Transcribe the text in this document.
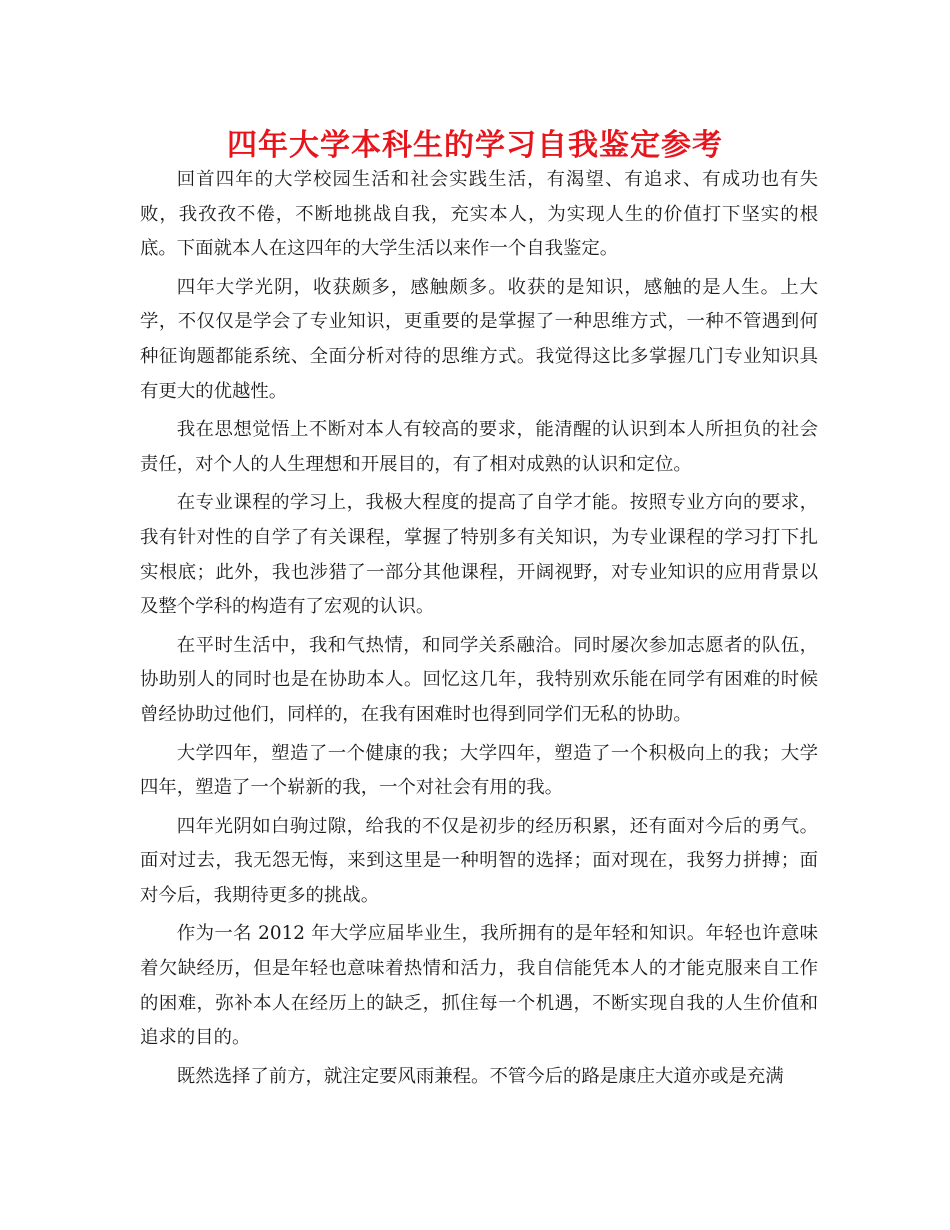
四年大学本科生的学习自我鉴定参考

回首四年的大学校园生活和社会实践生活，有渴望、有追求、有成功也有失败，我孜孜不倦，不断地挑战自我，充实本人，为实现人生的价值打下坚实的根底。下面就本人在这四年的大学生活以来作一个自我鉴定。

四年大学光阴，收获颇多，感触颇多。收获的是知识，感触的是人生。上大学，不仅仅是学会了专业知识，更重要的是掌握了一种思维方式，一种不管遇到何种征询题都能系统、全面分析对待的思维方式。我觉得这比多掌握几门专业知识具有更大的优越性。

我在思想觉悟上不断对本人有较高的要求，能清醒的认识到本人所担负的社会责任，对个人的人生理想和开展目的，有了相对成熟的认识和定位。

在专业课程的学习上，我极大程度的提高了自学才能。按照专业方向的要求，我有针对性的自学了有关课程，掌握了特别多有关知识，为专业课程的学习打下扎实根底；此外，我也涉猎了一部分其他课程，开阔视野，对专业知识的应用背景以及整个学科的构造有了宏观的认识。

在平时生活中，我和气热情，和同学关系融洽。同时屡次参加志愿者的队伍，协助别人的同时也是在协助本人。回忆这几年，我特别欢乐能在同学有困难的时候曾经协助过他们，同样的，在我有困难时也得到同学们无私的协助。

大学四年，塑造了一个健康的我；大学四年，塑造了一个积极向上的我；大学四年，塑造了一个崭新的我，一个对社会有用的我。

四年光阴如白驹过隙，给我的不仅是初步的经历积累，还有面对今后的勇气。面对过去，我无怨无悔，来到这里是一种明智的选择；面对现在，我努力拼搏；面对今后，我期待更多的挑战。

作为一名 2012 年大学应届毕业生，我所拥有的是年轻和知识。年轻也许意味着欠缺经历，但是年轻也意味着热情和活力，我自信能凭本人的才能克服来自工作的困难，弥补本人在经历上的缺乏，抓住每一个机遇，不断实现自我的人生价值和追求的目的。

既然选择了前方，就注定要风雨兼程。不管今后的路是康庄大道亦或是充满
